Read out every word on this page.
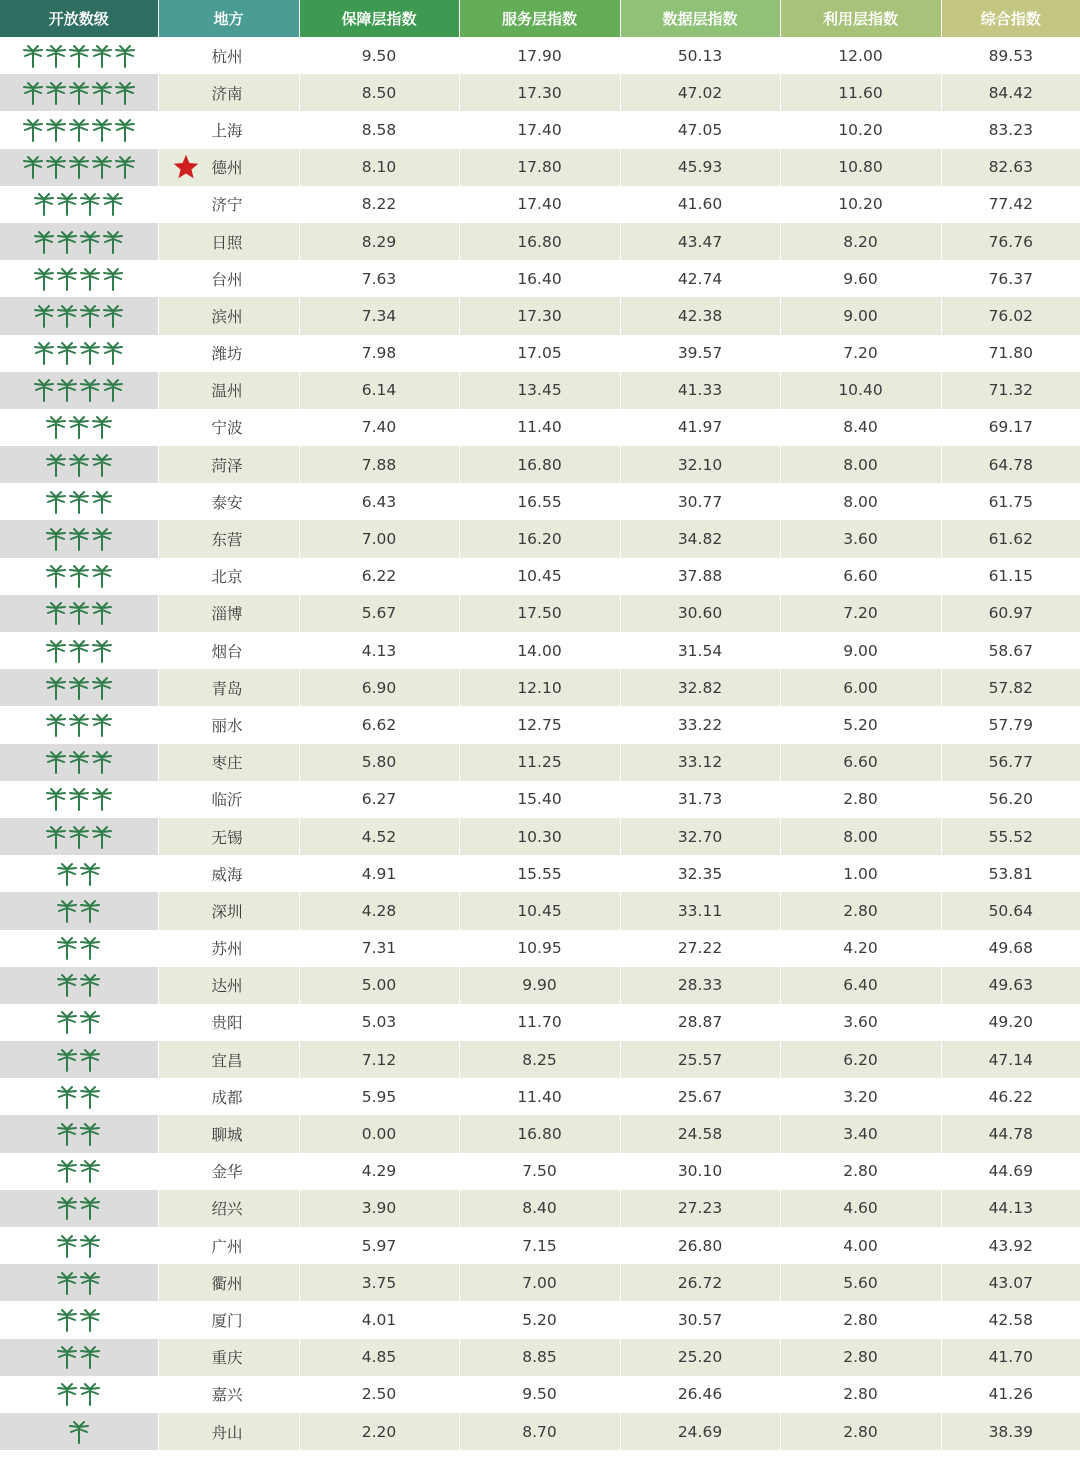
开放数级	地方	保障层指数	服务层指数	数据层指数	利用层指数	综合指数

杭州	9.50	17.90	50.13	12.00	89.53

济南	8.50	17.30	47.02	11.60	84.42

上海	8.58	17.40	47.05	10.20	83.23

德州	8.10	17.80	45.93	10.80	82.63

济宁	8.22	17.40	41.60	10.20	77.42

日照	8.29	16.80	43.47	8.20	76.76

台州	7.63	16.40	42.74	9.60	76.37

滨州	7.34	17.30	42.38	9.00	76.02

潍坊	7.98	17.05	39.57	7.20	71.80

温州	6.14	13.45	41.33	10.40	71.32

宁波	7.40	11.40	41.97	8.40	69.17

菏泽	7.88	16.80	32.10	8.00	64.78

泰安	6.43	16.55	30.77	8.00	61.75

东营	7.00	16.20	34.82	3.60	61.62

北京	6.22	10.45	37.88	6.60	61.15

淄博	5.67	17.50	30.60	7.20	60.97

烟台	4.13	14.00	31.54	9.00	58.67

青岛	6.90	12.10	32.82	6.00	57.82

丽水	6.62	12.75	33.22	5.20	57.79

枣庄	5.80	11.25	33.12	6.60	56.77

临沂	6.27	15.40	31.73	2.80	56.20

无锡	4.52	10.30	32.70	8.00	55.52

威海	4.91	15.55	32.35	1.00	53.81

深圳	4.28	10.45	33.11	2.80	50.64

苏州	7.31	10.95	27.22	4.20	49.68

达州	5.00	9.90	28.33	6.40	49.63

贵阳	5.03	11.70	28.87	3.60	49.20

宜昌	7.12	8.25	25.57	6.20	47.14

成都	5.95	11.40	25.67	3.20	46.22

聊城	0.00	16.80	24.58	3.40	44.78

金华	4.29	7.50	30.10	2.80	44.69

绍兴	3.90	8.40	27.23	4.60	44.13

广州	5.97	7.15	26.80	4.00	43.92

衢州	3.75	7.00	26.72	5.60	43.07

厦门	4.01	5.20	30.57	2.80	42.58

重庆	4.85	8.85	25.20	2.80	41.70

嘉兴	2.50	9.50	26.46	2.80	41.26

舟山	2.20	8.70	24.69	2.80	38.39
